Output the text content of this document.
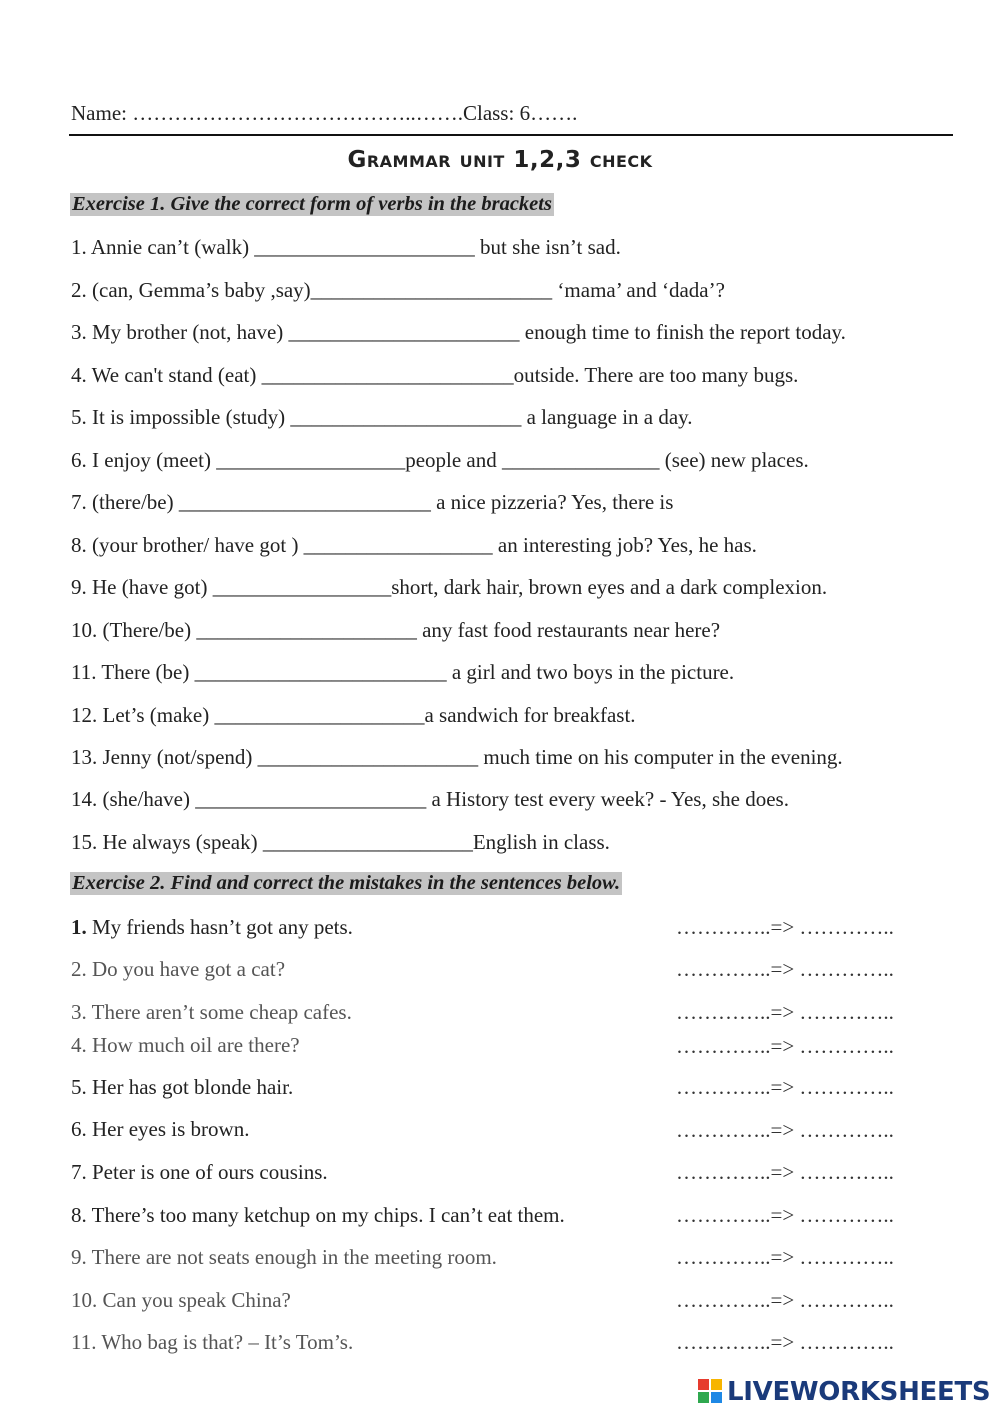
Name: …………………………………..…….Class: 6…….
Grammar unit 1,2,3 check
Exercise 1. Give the correct form of verbs in the brackets
1. Annie can’t (walk) _____________________ but she isn’t sad.
2. (can, Gemma’s baby ,say)_______________________ ‘mama’ and ‘dada’?
3. My brother (not, have) ______________________ enough time to finish the report today.
4. We can't stand (eat) ________________________outside. There are too many bugs.
5. It is impossible (study) ______________________ a language in a day.
6. I enjoy (meet) __________________people and _______________ (see) new places.
7. (there/be) ________________________ a nice pizzeria? Yes, there is
8. (your brother/ have got ) __________________ an interesting job? Yes, he has.
9. He (have got) _________________short, dark hair, brown eyes and a dark complexion.
10. (There/be) _____________________ any fast food restaurants near here?
11. There (be) ________________________ a girl and two boys in the picture.
12. Let’s (make) ____________________a sandwich for breakfast.
13. Jenny (not/spend) _____________________ much time on his computer in the evening.
14. (she/have) ______________________ a History test every week? - Yes, she does.
15. He always (speak) ____________________English in class.
Exercise 2. Find and correct the mistakes in the sentences below.
1. My friends hasn’t got any pets.	…………..=> …………..
2. Do you have got a cat?	…………..=> …………..
3. There aren’t some cheap cafes.	…………..=> …………..
4. How much oil are there?	…………..=> …………..
5. Her has got blonde hair.	…………..=> …………..
6. Her eyes is brown.	…………..=> …………..
7. Peter is one of ours cousins.	…………..=> …………..
8. There’s too many ketchup on my chips. I can’t eat them.	…………..=> …………..
9. There are not seats enough in the meeting room.	…………..=> …………..
10. Can you speak China?	…………..=> …………..
11. Who bag is that? – It’s Tom’s.	…………..=> …………..
LIVEWORKSHEETS
